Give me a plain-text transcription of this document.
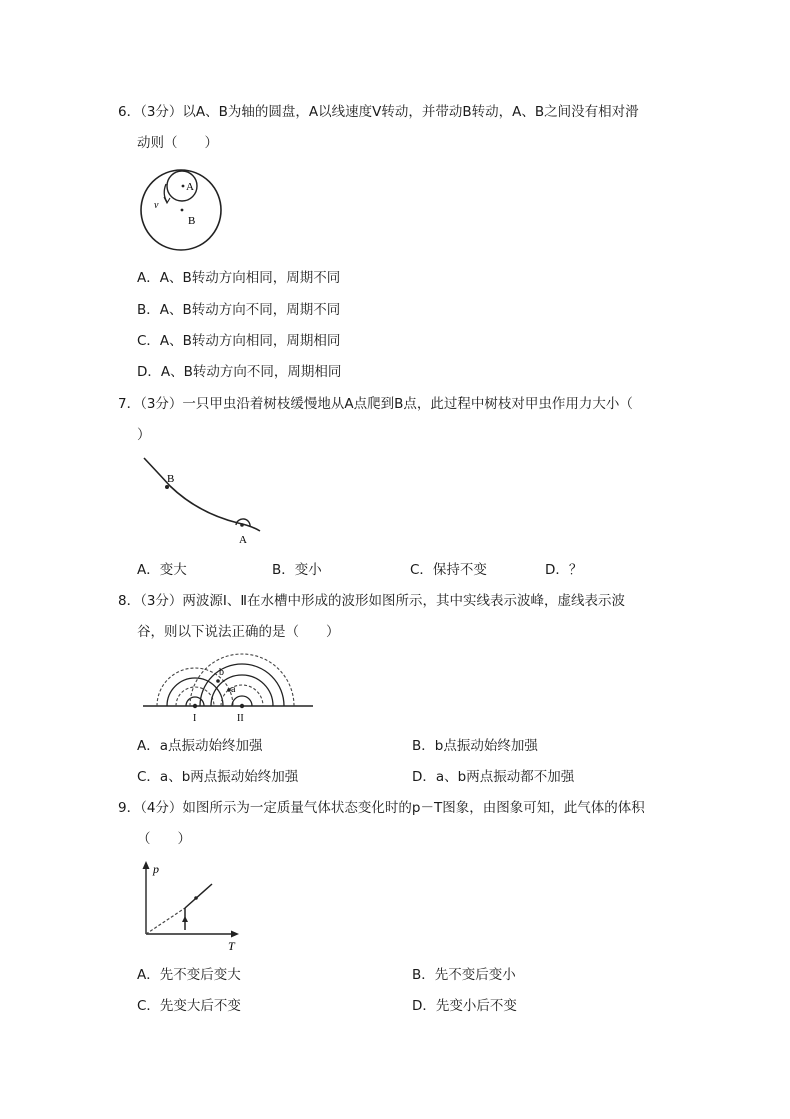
6．（3分）以A、B为轴的圆盘，A以线速度V转动，并带动B转动，A、B之间没有相对滑
动则（　　）
A
B
v
A．A、B转动方向相同，周期不同
B．A、B转动方向不同，周期不同
C．A、B转动方向相同，周期相同
D．A、B转动方向不同，周期相同
7．（3分）一只甲虫沿着树枝缓慢地从A点爬到B点，此过程中树枝对甲虫作用力大小（
）
B
A
A．变大	B．变小	C．保持不变	D．？
8．（3分）两波源Ⅰ、Ⅱ在水槽中形成的波形如图所示，其中实线表示波峰，虚线表示波
谷，则以下说法正确的是（　　）
b
a
I	II
A．a点振动始终加强	B．b点振动始终加强
C．a、b两点振动始终加强	D．a、b两点振动都不加强
9．（4分）如图所示为一定质量气体状态变化时的p－T图象，由图象可知，此气体的体积
（　　）
p
T
A．先不变后变大	B．先不变后变小
C．先变大后不变	D．先变小后不变
